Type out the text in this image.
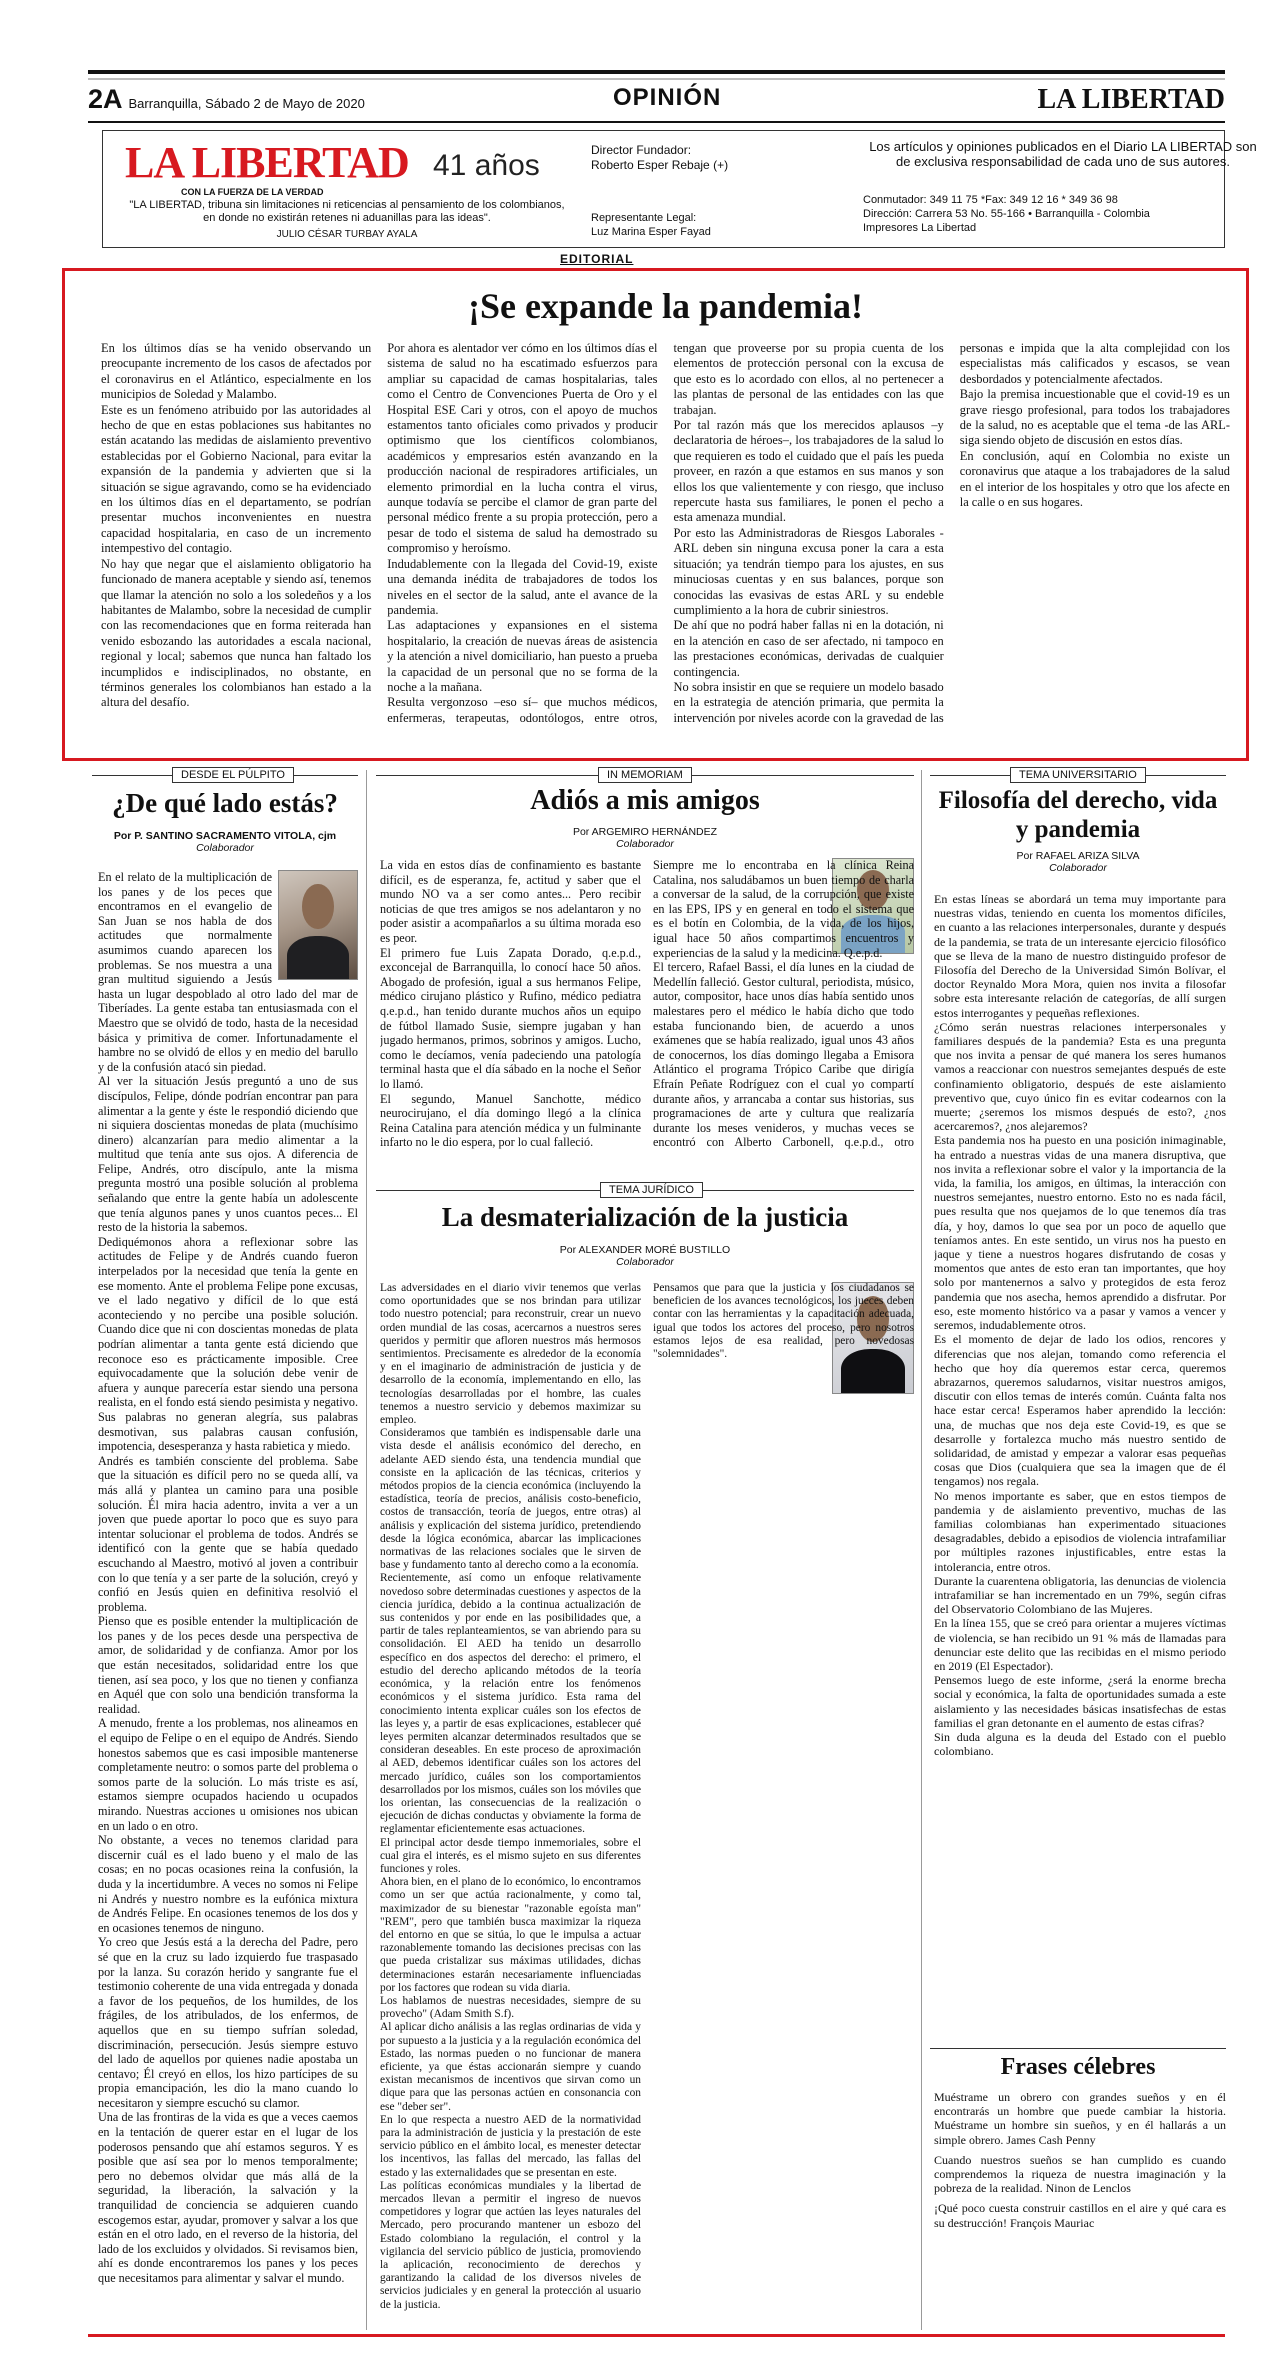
2A Barranquilla, Sábado 2 de Mayo de 2020	OPINIÓN	LA LIBERTAD
LA LIBERTAD 41 años
CON LA FUERZA DE LA VERDAD
"LA LIBERTAD, tribuna sin limitaciones ni reticencias al pensamiento de los colombianos, en donde no existirán retenes ni aduanillas para las ideas".
JULIO CÉSAR TURBAY AYALA
Director Fundador:
Roberto Esper Rebaje (+)
Representante Legal:
Luz Marina Esper Fayad
Los artículos y opiniones publicados en el Diario LA LIBERTAD son de exclusiva responsabilidad de cada uno de sus autores.
Conmutador: 349 11 75 *Fax: 349 12 16 * 349 36 98
Dirección: Carrera 53 No. 55-166 • Barranquilla - Colombia
Impresores La Libertad
EDITORIAL
¡Se expande la pandemia!

En los últimos días se ha venido observando un preocupante incremento de los casos de afectados por el coronavirus en el Atlántico, especialmente en los municipios de Soledad y Malambo.

Este es un fenómeno atribuido por las autoridades al hecho de que en estas poblaciones sus habitantes no están acatando las medidas de aislamiento preventivo establecidas por el Gobierno Nacional, para evitar la expansión de la pandemia y advierten que si la situación se sigue agravando, como se ha evidenciado en los últimos días en el departamento, se podrían presentar muchos inconvenientes en nuestra capacidad hospitalaria, en caso de un incremento intempestivo del contagio.

No hay que negar que el aislamiento obligatorio ha funcionado de manera aceptable y siendo así, tenemos que llamar la atención no solo a los soledeños y a los habitantes de Malambo, sobre la necesidad de cumplir con las recomendaciones que en forma reiterada han venido esbozando las autoridades a escala nacional, regional y local; sabemos que nunca han faltado los incumplidos e indisciplinados, no obstante, en términos generales los colombianos han estado a la altura del desafío.

Por ahora es alentador ver cómo en los últimos días el sistema de salud no ha escatimado esfuerzos para ampliar su capacidad de camas hospitalarias, tales como el Centro de Convenciones Puerta de Oro y el Hospital ESE Cari y otros, con el apoyo de muchos estamentos tanto oficiales como privados y producir optimismo que los científicos colombianos, académicos y empresarios estén avanzando en la producción nacional de respiradores artificiales, un elemento primordial en la lucha contra el virus, aunque todavía se percibe el clamor de gran parte del personal médico frente a su propia protección, pero a pesar de todo el sistema de salud ha demostrado su compromiso y heroísmo.

Indudablemente con la llegada del Covid-19, existe una demanda inédita de trabajadores de todos los niveles en el sector de la salud, ante el avance de la pandemia.

Las adaptaciones y expansiones en el sistema hospitalario, la creación de nuevas áreas de asistencia y la atención a nivel domiciliario, han puesto a prueba la capacidad de un personal que no se forma de la noche a la mañana.

Resulta vergonzoso –eso sí– que muchos médicos, enfermeras, terapeutas, odontólogos, entre otros, tengan que proveerse por su propia cuenta de los elementos de protección personal con la excusa de que esto es lo acordado con ellos, al no pertenecer a las plantas de personal de las entidades con las que trabajan.

Por tal razón más que los merecidos aplausos –y declaratoria de héroes–, los trabajadores de la salud lo que requieren es todo el cuidado que el país les pueda proveer, en razón a que estamos en sus manos y son ellos los que valientemente y con riesgo, que incluso repercute hasta sus familiares, le ponen el pecho a esta amenaza mundial.

Por esto las Administradoras de Riesgos Laborales - ARL deben sin ninguna excusa poner la cara a esta situación; ya tendrán tiempo para los ajustes, en sus minuciosas cuentas y en sus balances, porque son conocidas las evasivas de estas ARL y su endeble cumplimiento a la hora de cubrir siniestros.

De ahí que no podrá haber fallas ni en la dotación, ni en la atención en caso de ser afectado, ni tampoco en las prestaciones económicas, derivadas de cualquier contingencia.

No sobra insistir en que se requiere un modelo basado en la estrategia de atención primaria, que permita la intervención por niveles acorde con la gravedad de las personas e impida que la alta complejidad con los especialistas más calificados y escasos, se vean desbordados y potencialmente afectados.

Bajo la premisa incuestionable que el covid-19 es un grave riesgo profesional, para todos los trabajadores de la salud, no es aceptable que el tema -de las ARL- siga siendo objeto de discusión en estos días.

En conclusión, aquí en Colombia no existe un coronavirus que ataque a los trabajadores de la salud en el interior de los hospitales y otro que los afecte en la calle o en sus hogares.

DESDE EL PÚLPITO
¿De qué lado estás?
Por P. SANTINO SACRAMENTO VITOLA, cjm
Colaborador

En el relato de la multiplicación de los panes y de los peces que encontramos en el evangelio de San Juan se nos habla de dos actitudes que normalmente asumimos cuando aparecen los problemas. Se nos muestra a una gran multitud siguiendo a Jesús hasta un lugar despoblado al otro lado del mar de Tiberíades. La gente estaba tan entusiasmada con el Maestro que se olvidó de todo, hasta de la necesidad básica y primitiva de comer. Infortunadamente el hambre no se olvidó de ellos y en medio del barullo y de la confusión atacó sin piedad.

Al ver la situación Jesús preguntó a uno de sus discípulos, Felipe, dónde podrían encontrar pan para alimentar a la gente y éste le respondió diciendo que ni siquiera doscientas monedas de plata (muchísimo dinero) alcanzarían para medio alimentar a la multitud que tenía ante sus ojos. A diferencia de Felipe, Andrés, otro discípulo, ante la misma pregunta mostró una posible solución al problema señalando que entre la gente había un adolescente que tenía algunos panes y unos cuantos peces... El resto de la historia la sabemos.

Dediquémonos ahora a reflexionar sobre las actitudes de Felipe y de Andrés cuando fueron interpelados por la necesidad que tenía la gente en ese momento. Ante el problema Felipe pone excusas, ve el lado negativo y difícil de lo que está aconteciendo y no percibe una posible solución. Cuando dice que ni con doscientas monedas de plata podrían alimentar a tanta gente está diciendo que reconoce eso es prácticamente imposible. Cree equivocadamente que la solución debe venir de afuera y aunque parecería estar siendo una persona realista, en el fondo está siendo pesimista y negativo. Sus palabras no generan alegría, sus palabras desmotivan, sus palabras causan confusión, impotencia, desesperanza y hasta rabietica y miedo.

Andrés es también consciente del problema. Sabe que la situación es difícil pero no se queda allí, va más allá y plantea un camino para una posible solución. Él mira hacia adentro, invita a ver a un joven que puede aportar lo poco que es suyo para intentar solucionar el problema de todos. Andrés se identificó con la gente que se había quedado escuchando al Maestro, motivó al joven a contribuir con lo que tenía y a ser parte de la solución, creyó y confió en Jesús quien en definitiva resolvió el problema.

Pienso que es posible entender la multiplicación de los panes y de los peces desde una perspectiva de amor, de solidaridad y de confianza. Amor por los que están necesitados, solidaridad entre los que tienen, así sea poco, y los que no tienen y confianza en Aquél que con solo una bendición transforma la realidad.

A menudo, frente a los problemas, nos alineamos en el equipo de Felipe o en el equipo de Andrés. Siendo honestos sabemos que es casi imposible mantenerse completamente neutro: o somos parte del problema o somos parte de la solución. Lo más triste es así, estamos siempre ocupados haciendo u ocupados mirando. Nuestras acciones u omisiones nos ubican en un lado o en otro.

No obstante, a veces no tenemos claridad para discernir cuál es el lado bueno y el malo de las cosas; en no pocas ocasiones reina la confusión, la duda y la incertidumbre. A veces no somos ni Felipe ni Andrés y nuestro nombre es la eufónica mixtura de Andrés Felipe. En ocasiones tenemos de los dos y en ocasiones tenemos de ninguno.

Yo creo que Jesús está a la derecha del Padre, pero sé que en la cruz su lado izquierdo fue traspasado por la lanza. Su corazón herido y sangrante fue el testimonio coherente de una vida entregada y donada a favor de los pequeños, de los humildes, de los frágiles, de los atribulados, de los enfermos, de aquellos que en su tiempo sufrían soledad, discriminación, persecución. Jesús siempre estuvo del lado de aquellos por quienes nadie apostaba un centavo; Él creyó en ellos, los hizo partícipes de su propia emancipación, les dio la mano cuando lo necesitaron y siempre escuchó su clamor.

Una de las frontiras de la vida es que a veces caemos en la tentación de querer estar en el lugar de los poderosos pensando que ahí estamos seguros. Y es posible que así sea por lo menos temporalmente; pero no debemos olvidar que más allá de la seguridad, la liberación, la salvación y la tranquilidad de conciencia se adquieren cuando escogemos estar, ayudar, promover y salvar a los que están en el otro lado, en el reverso de la historia, del lado de los excluidos y olvidados. Si revisamos bien, ahí es donde encontraremos los panes y los peces que necesitamos para alimentar y salvar el mundo.

IN MEMORIAM
Adiós a mis amigos
Por ARGEMIRO HERNÁNDEZ
Colaborador

La vida en estos días de confinamiento es bastante difícil, es de esperanza, fe, actitud y saber que el mundo NO va a ser como antes... Pero recibir noticias de que tres amigos se nos adelantaron y no poder asistir a acompañarlos a su última morada eso es peor.

El primero fue Luis Zapata Dorado, q.e.p.d., exconcejal de Barranquilla, lo conocí hace 50 años. Abogado de profesión, igual a sus hermanos Felipe, médico cirujano plástico y Rufino, médico pediatra q.e.p.d., han tenido durante muchos años un equipo de fútbol llamado Susie, siempre jugaban y han jugado hermanos, primos, sobrinos y amigos. Lucho, como le decíamos, venía padeciendo una patología terminal hasta que el día sábado en la noche el Señor lo llamó.

El segundo, Manuel Sanchotte, médico neurocirujano, el día domingo llegó a la clínica Reina Catalina para atención médica y un fulminante infarto no le dio espera, por lo cual falleció.

Siempre me lo encontraba en la clínica Reina Catalina, nos saludábamos un buen tiempo de charla a conversar de la salud, de la corrupción, que existe en las EPS, IPS y en general en todo el sistema que es el botín en Colombia, de la vida, de los hijos, igual hace 50 años compartimos encuentros y experiencias de la salud y la medicina. Q.e.p.d.

El tercero, Rafael Bassi, el día lunes en la ciudad de Medellín falleció. Gestor cultural, periodista, músico, autor, compositor, hace unos días había sentido unos malestares pero el médico le había dicho que todo estaba funcionando bien, de acuerdo a unos exámenes que se había realizado, igual unos 43 años de conocernos, los días domingo llegaba a Emisora Atlántico el programa Trópico Caribe que dirigía Efraín Peñate Rodríguez con el cual yo compartí durante años, y arrancaba a contar sus historias, sus programaciones de arte y cultura que realizaría durante los meses venideros, y muchas veces se encontró con Alberto Carbonell, q.e.p.d., otro

TEMA JURÍDICO
La desmaterialización de la justicia
Por ALEXANDER MORÉ BUSTILLO
Colaborador

Las adversidades en el diario vivir tenemos que verlas como oportunidades que se nos brindan para utilizar todo nuestro potencial; para reconstruir, crear un nuevo orden mundial de las cosas, acercarnos a nuestros seres queridos y permitir que afloren nuestros más hermosos sentimientos. Precisamente es alrededor de la economía y en el imaginario de administración de justicia y de desarrollo de la economía, implementando en ello, las tecnologías desarrolladas por el hombre, las cuales tenemos a nuestro servicio y debemos maximizar su empleo.

Consideramos que también es indispensable darle una vista desde el análisis económico del derecho, en adelante AED siendo ésta, una tendencia mundial que consiste en la aplicación de las técnicas, criterios y métodos propios de la ciencia económica (incluyendo la estadística, teoría de precios, análisis costo-beneficio, costos de transacción, teoría de juegos, entre otras) al análisis y explicación del sistema jurídico, pretendiendo desde la lógica económica, abarcar las implicaciones normativas de las relaciones sociales que le sirven de base y fundamento tanto al derecho como a la economía.

Recientemente, así como un enfoque relativamente novedoso sobre determinadas cuestiones y aspectos de la ciencia jurídica, debido a la continua actualización de sus contenidos y por ende en las posibilidades que, a partir de tales replanteamientos, se van abriendo para su consolidación. El AED ha tenido un desarrollo específico en dos aspectos del derecho: el primero, el estudio del derecho aplicando métodos de la teoría económica, y la relación entre los fenómenos económicos y el sistema jurídico. Esta rama del conocimiento intenta explicar cuáles son los efectos de las leyes y, a partir de esas explicaciones, establecer qué leyes permiten alcanzar determinados resultados que se consideran deseables. En este proceso de aproximación al AED, debemos identificar cuáles son los actores del mercado jurídico, cuáles son los comportamientos desarrollados por los mismos, cuáles son los móviles que los orientan, las consecuencias de la realización o ejecución de dichas conductas y obviamente la forma de reglamentar eficientemente esas actuaciones.

El principal actor desde tiempo inmemoriales, sobre el cual gira el interés, es el mismo sujeto en sus diferentes funciones y roles.

Ahora bien, en el plano de lo económico, lo encontramos como un ser que actúa racionalmente, y como tal, maximizador de su bienestar "razonable egoísta man" "REM", pero que también busca maximizar la riqueza del entorno en que se sitúa, lo que le impulsa a actuar razonablemente tomando las decisiones precisas con las que pueda cristalizar sus máximas utilidades, dichas determinaciones estarán necesariamente influenciadas por los factores que rodean su vida diaria.

Los hablamos de nuestras necesidades, siempre de su provecho" (Adam Smith S.f).

Al aplicar dicho análisis a las reglas ordinarias de vida y por supuesto a la justicia y a la regulación económica del Estado, las normas pueden o no funcionar de manera eficiente, ya que éstas accionarán siempre y cuando existan mecanismos de incentivos que sirvan como un dique para que las personas actúen en consonancia con ese "deber ser".

En lo que respecta a nuestro AED de la normatividad para la administración de justicia y la prestación de este servicio público en el ámbito local, es menester detectar los incentivos, las fallas del mercado, las fallas del estado y las externalidades que se presentan en este.

Las políticas económicas mundiales y la libertad de mercados llevan a permitir el ingreso de nuevos competidores y lograr que actúen las leyes naturales del Mercado, pero procurando mantener un esbozo del Estado colombiano la regulación, el control y la vigilancia del servicio público de justicia, promoviendo la aplicación, reconocimiento de derechos y garantizando la calidad de los diversos niveles de servicios judiciales y en general la protección al usuario de la justicia.

Pensamos que para que la justicia y los ciudadanos se beneficien de los avances tecnológicos, los jueces deben contar con las herramientas y la capacitación adecuada, igual que todos los actores del proceso, pero nosotros estamos lejos de esa realidad, pero novedosas "solemnidades".

TEMA UNIVERSITARIO
Filosofía del derecho, vida y pandemia
Por RAFAEL ARIZA SILVA
Colaborador

En estas líneas se abordará un tema muy importante para nuestras vidas, teniendo en cuenta los momentos difíciles, en cuanto a las relaciones interpersonales, durante y después de la pandemia, se trata de un interesante ejercicio filosófico que se lleva de la mano de nuestro distinguido profesor de Filosofía del Derecho de la Universidad Simón Bolívar, el doctor Reynaldo Mora Mora, quien nos invita a filosofar sobre esta interesante relación de categorías, de allí surgen estos interrogantes y pequeñas reflexiones.

¿Cómo serán nuestras relaciones interpersonales y familiares después de la pandemia? Esta es una pregunta que nos invita a pensar de qué manera los seres humanos vamos a reaccionar con nuestros semejantes después de este confinamiento obligatorio, después de este aislamiento preventivo que, cuyo único fin es evitar codearnos con la muerte; ¿seremos los mismos después de esto?, ¿nos acercaremos?, ¿nos alejaremos?

Esta pandemia nos ha puesto en una posición inimaginable, ha entrado a nuestras vidas de una manera disruptiva, que nos invita a reflexionar sobre el valor y la importancia de la vida, la familia, los amigos, en últimas, la interacción con nuestros semejantes, nuestro entorno. Esto no es nada fácil, pues resulta que nos quejamos de lo que tenemos día tras día, y hoy, damos lo que sea por un poco de aquello que teníamos antes. En este sentido, un virus nos ha puesto en jaque y tiene a nuestros hogares disfrutando de cosas y momentos que antes de esto eran tan importantes, que hoy solo por mantenernos a salvo y protegidos de esta feroz pandemia que nos asecha, hemos aprendido a disfrutar. Por eso, este momento histórico va a pasar y vamos a vencer y seremos, indudablemente otros.

Es el momento de dejar de lado los odios, rencores y diferencias que nos alejan, tomando como referencia el hecho que hoy día queremos estar cerca, queremos abrazarnos, queremos saludarnos, visitar nuestros amigos, discutir con ellos temas de interés común. Cuánta falta nos hace estar cerca! Esperamos haber aprendido la lección: una, de muchas que nos deja este Covid-19, es que se desarrolle y fortalezca mucho más nuestro sentido de solidaridad, de amistad y empezar a valorar esas pequeñas cosas que Dios (cualquiera que sea la imagen que de él tengamos) nos regala.

No menos importante es saber, que en estos tiempos de pandemia y de aislamiento preventivo, muchas de las familias colombianas han experimentado situaciones desagradables, debido a episodios de violencia intrafamiliar por múltiples razones injustificables, entre estas la intolerancia, entre otros.

Durante la cuarentena obligatoria, las denuncias de violencia intrafamiliar se han incrementado en un 79%, según cifras del Observatorio Colombiano de las Mujeres.

En la línea 155, que se creó para orientar a mujeres víctimas de violencia, se han recibido un 91 % más de llamadas para denunciar este delito que las recibidas en el mismo periodo en 2019 (El Espectador).

Pensemos luego de este informe, ¿será la enorme brecha social y económica, la falta de oportunidades sumada a este aislamiento y las necesidades básicas insatisfechas de estas familias el gran detonante en el aumento de estas cifras?

Sin duda alguna es la deuda del Estado con el pueblo colombiano.

Frases célebres

Muéstrame un obrero con grandes sueños y en él encontrarás un hombre que puede cambiar la historia. Muéstrame un hombre sin sueños, y en él hallarás a un simple obrero. James Cash Penny

Cuando nuestros sueños se han cumplido es cuando comprendemos la riqueza de nuestra imaginación y la pobreza de la realidad. Ninon de Lenclos

¡Qué poco cuesta construir castillos en el aire y qué cara es su destrucción! François Mauriac
